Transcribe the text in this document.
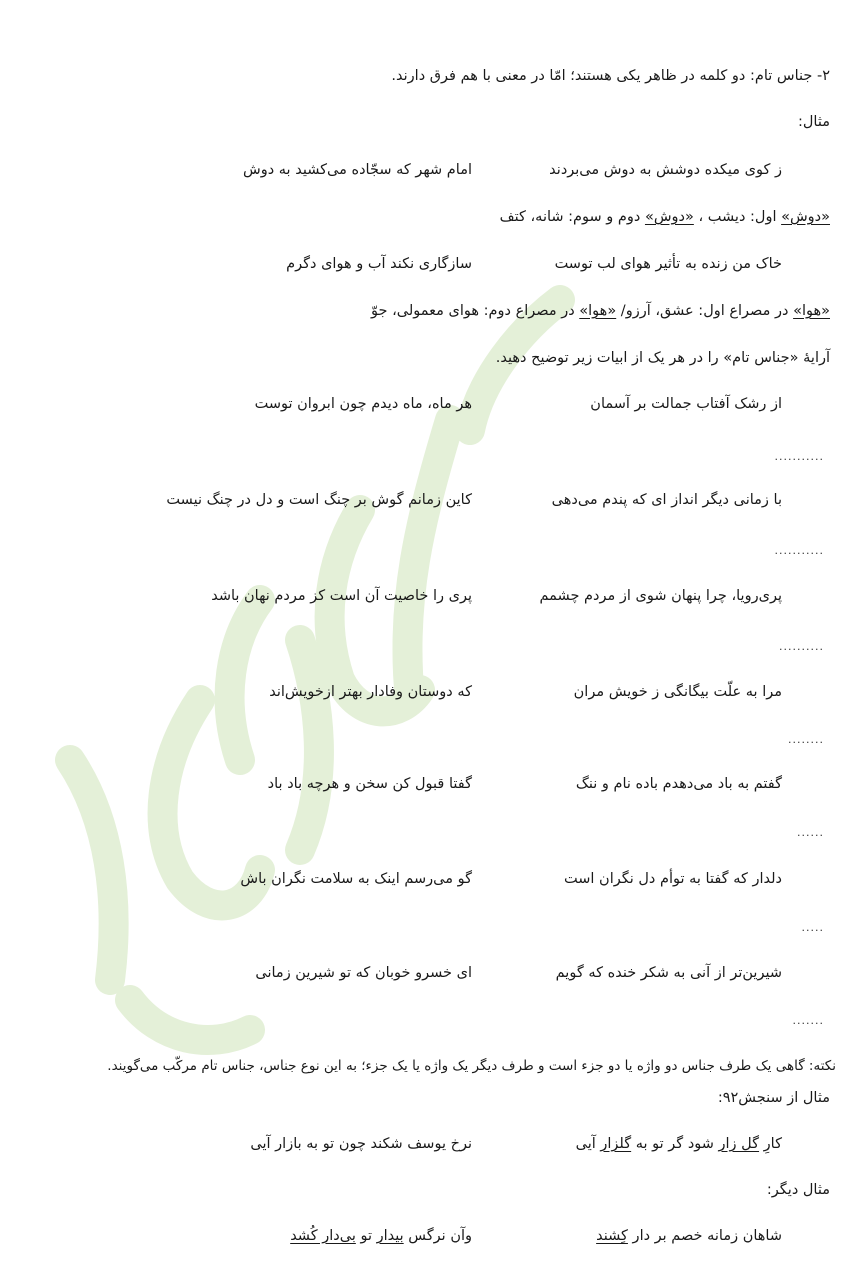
۲- جناس تام: دو کلمه در ظاهر یکی هستند؛ امّا در معنی با هم فرق دارند.
مثال:
ز کوی میکده دوشش به دوش می‌بردند
امام شهر که سجّاده می‌کشید به دوش
«دوش» اول: دیشب ، «دوش» دوم و سوم: شانه، کتف
خاک من زنده به تأثیر هوای لب توست
سازگاری نکند آب و هوای دگرم
«هوا» در مصراع اول: عشق، آرزو/ «هوا» در مصراع دوم: هوای معمولی، جوّ
آرایۀ «جناس تام» را در هر یک از ابیات زیر توضیح دهید.
از رشک آفتاب جمالت بر آسمان
هر ماه، ماه دیدم چون ابروان توست
...........
با زمانی دیگر انداز ای که پندم می‌دهی
کاین زمانم گوش بر چنگ است و دل در چنگ نیست
...........
پری‌رویا، چرا پنهان شوی از مردم چشمم
پری را خاصیت آن است کز مردم نهان باشد
..........
مرا به علّت بیگانگی ز خویش مران
که دوستان وفادار بهتر ازخویش‌اند
........
گفتم به باد می‌دهدم باده نام و ننگ
گفتا قبول کن سخن و هرچه باد باد
......
دلدار که گفتا به توأم دل نگران است
گو می‌رسم اینک به سلامت نگران باش
.....
شیرین‌تر از آنی به شکر خنده که گویم
ای خسرو خوبان که تو شیرین زمانی
.......
نکته: گاهی یک طرف جناس دو واژه یا دو جزء است و طرف دیگر یک واژه یا یک جزء؛ به این نوع جناس، جناس تام مرکّب می‌گویند.
مثال از سنجش۹۲:
کارِ گل زار شود گر تو به گلزار آیی
نرخ یوسف شکند چون تو به بازار آیی
مثال دیگر:
شاهان زمانه خصم بر دار کِشند
وآن نرگس بیدار تو بی‌دار کُشد
